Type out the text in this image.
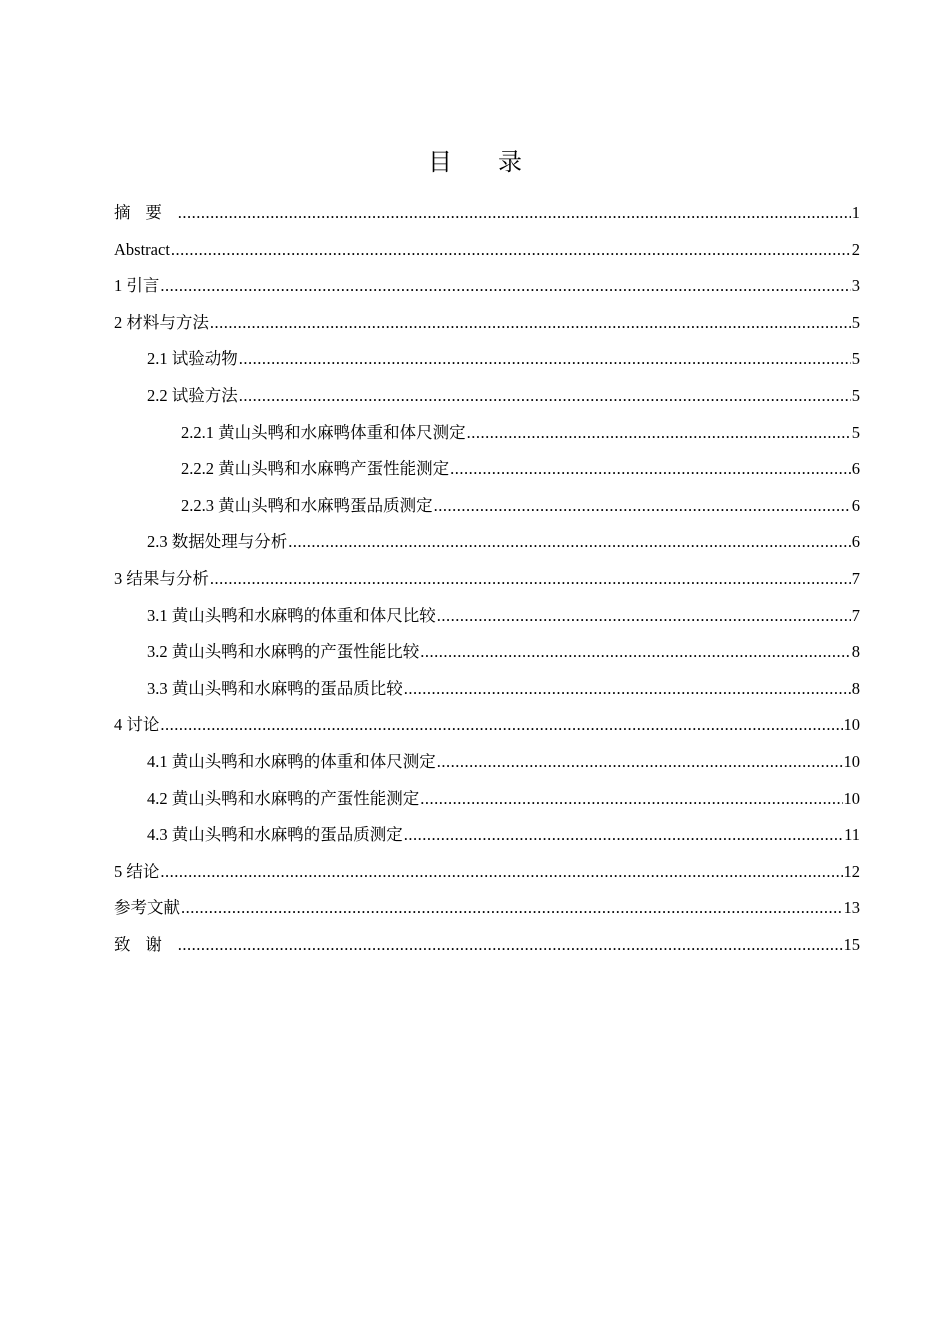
目 录
摘要 .....	1
Abstract .....	2
1 引言 .....	3
2 材料与方法 .....	5
2.1 试验动物 .....	5
2.2 试验方法 .....	5
2.2.1 黄山头鸭和水麻鸭体重和体尺测定 .....	5
2.2.2 黄山头鸭和水麻鸭产蛋性能测定 .....	6
2.2.3 黄山头鸭和水麻鸭蛋品质测定 .....	6
2.3 数据处理与分析 .....	6
3 结果与分析 .....	7
3.1 黄山头鸭和水麻鸭的体重和体尺比较 .....	7
3.2 黄山头鸭和水麻鸭的产蛋性能比较 .....	8
3.3 黄山头鸭和水麻鸭的蛋品质比较 .....	8
4 讨论 .....	10
4.1 黄山头鸭和水麻鸭的体重和体尺测定 .....	10
4.2 黄山头鸭和水麻鸭的产蛋性能测定 .....	10
4.3 黄山头鸭和水麻鸭的蛋品质测定 .....	11
5 结论 .....	12
参考文献 .....	13
致谢 .....	15
